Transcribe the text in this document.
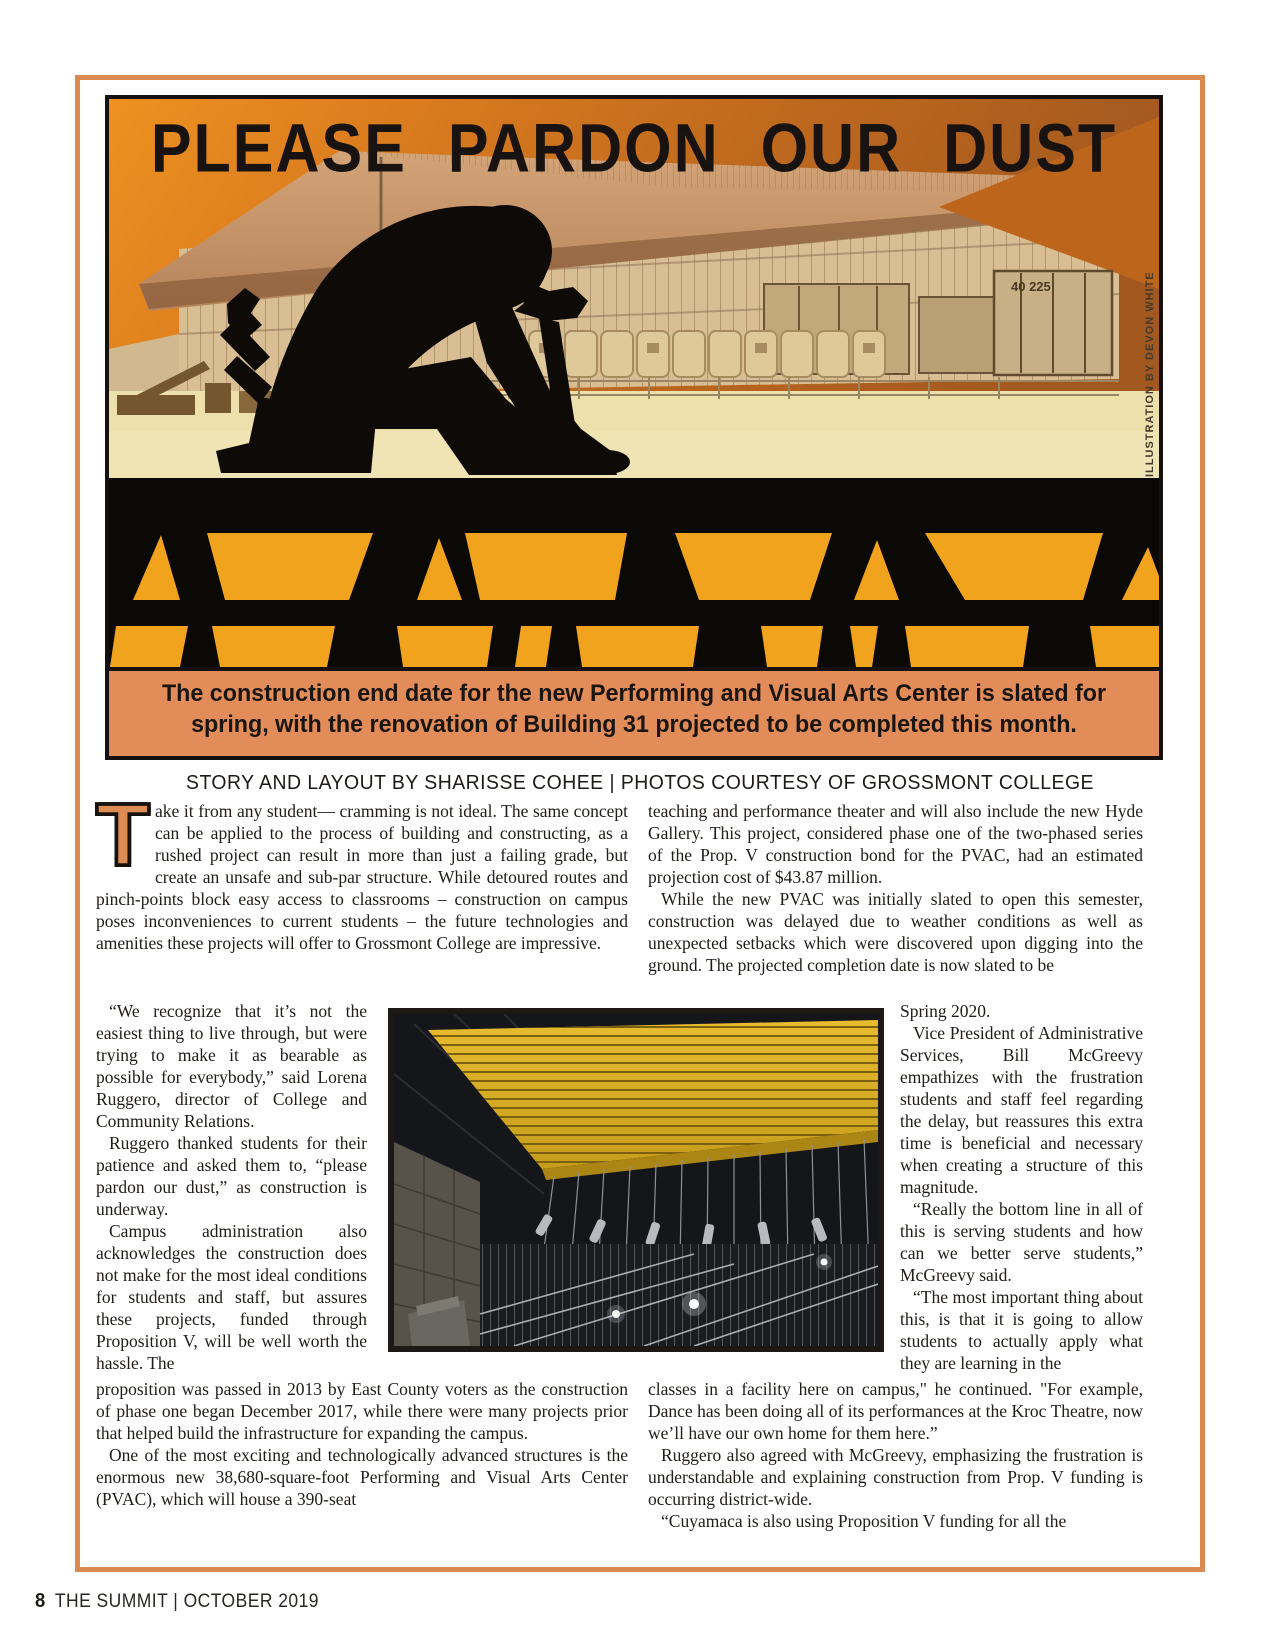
40 225
PLEASE PARDON OUR DUST
ILLUSTRATION BY DEVON WHITE
The construction end date for the new Performing and Visual Arts Center is slated for
spring, with the renovation of Building 31 projected to be completed this month.
STORY AND LAYOUT BY SHARISSE COHEE | PHOTOS COURTESY OF GROSSMONT COLLEGE

Take it from any student— cramming is not ideal. The same concept can be applied to the process of building and constructing, as a rushed project can result in more than just a failing grade, but create an unsafe and sub-par structure. While detoured routes and pinch-points block easy access to classrooms – construction on campus poses inconveniences to current students – the future technologies and amenities these projects will offer to Grossmont College are impressive.

“We recognize that it’s not the easiest thing to live through, but were trying to make it as bearable as possible for everybody,” said Lorena Ruggero, director of College and Community Relations.

Ruggero thanked students for their patience and asked them to, “please pardon our dust,” as construction is underway.

Campus administration also acknowledges the construction does not make for the most ideal conditions for students and staff, but assures these projects, funded through Proposition V, will be well worth the hassle. The

proposition was passed in 2013 by East County voters as the construction of phase one began December 2017, while there were many projects prior that helped build the infrastructure for expanding the campus.

One of the most exciting and technologically advanced structures is the enormous new 38,680-square-foot Performing and Visual Arts Center (PVAC), which will house a 390-seat

teaching and performance theater and will also include the new Hyde Gallery. This project, considered phase one of the two-phased series of the Prop. V construction bond for the PVAC, had an estimated projection cost of $43.87 million.

While the new PVAC was initially slated to open this semester, construction was delayed due to weather conditions as well as unexpected setbacks which were discovered upon digging into the ground. The projected completion date is now slated to be

Spring 2020.

Vice President of Administrative Services, Bill McGreevy empathizes with the frustration students and staff feel regarding the delay, but reassures this extra time is beneficial and necessary when creating a structure of this magnitude.

“Really the bottom line in all of this is serving students and how can we better serve students,” McGreevy said.

“The most important thing about this, is that it is going to allow students to actually apply what they are learning in the

classes in a facility here on campus," he continued. "For example, Dance has been doing all of its performances at the Kroc Theatre, now we’ll have our own home for them here.”

Ruggero also agreed with McGreevy, emphasizing the frustration is understandable and explaining construction from Prop. V funding is occurring district-wide.

“Cuyamaca is also using Proposition V funding for all the

8 THE SUMMIT | OCTOBER 2019
